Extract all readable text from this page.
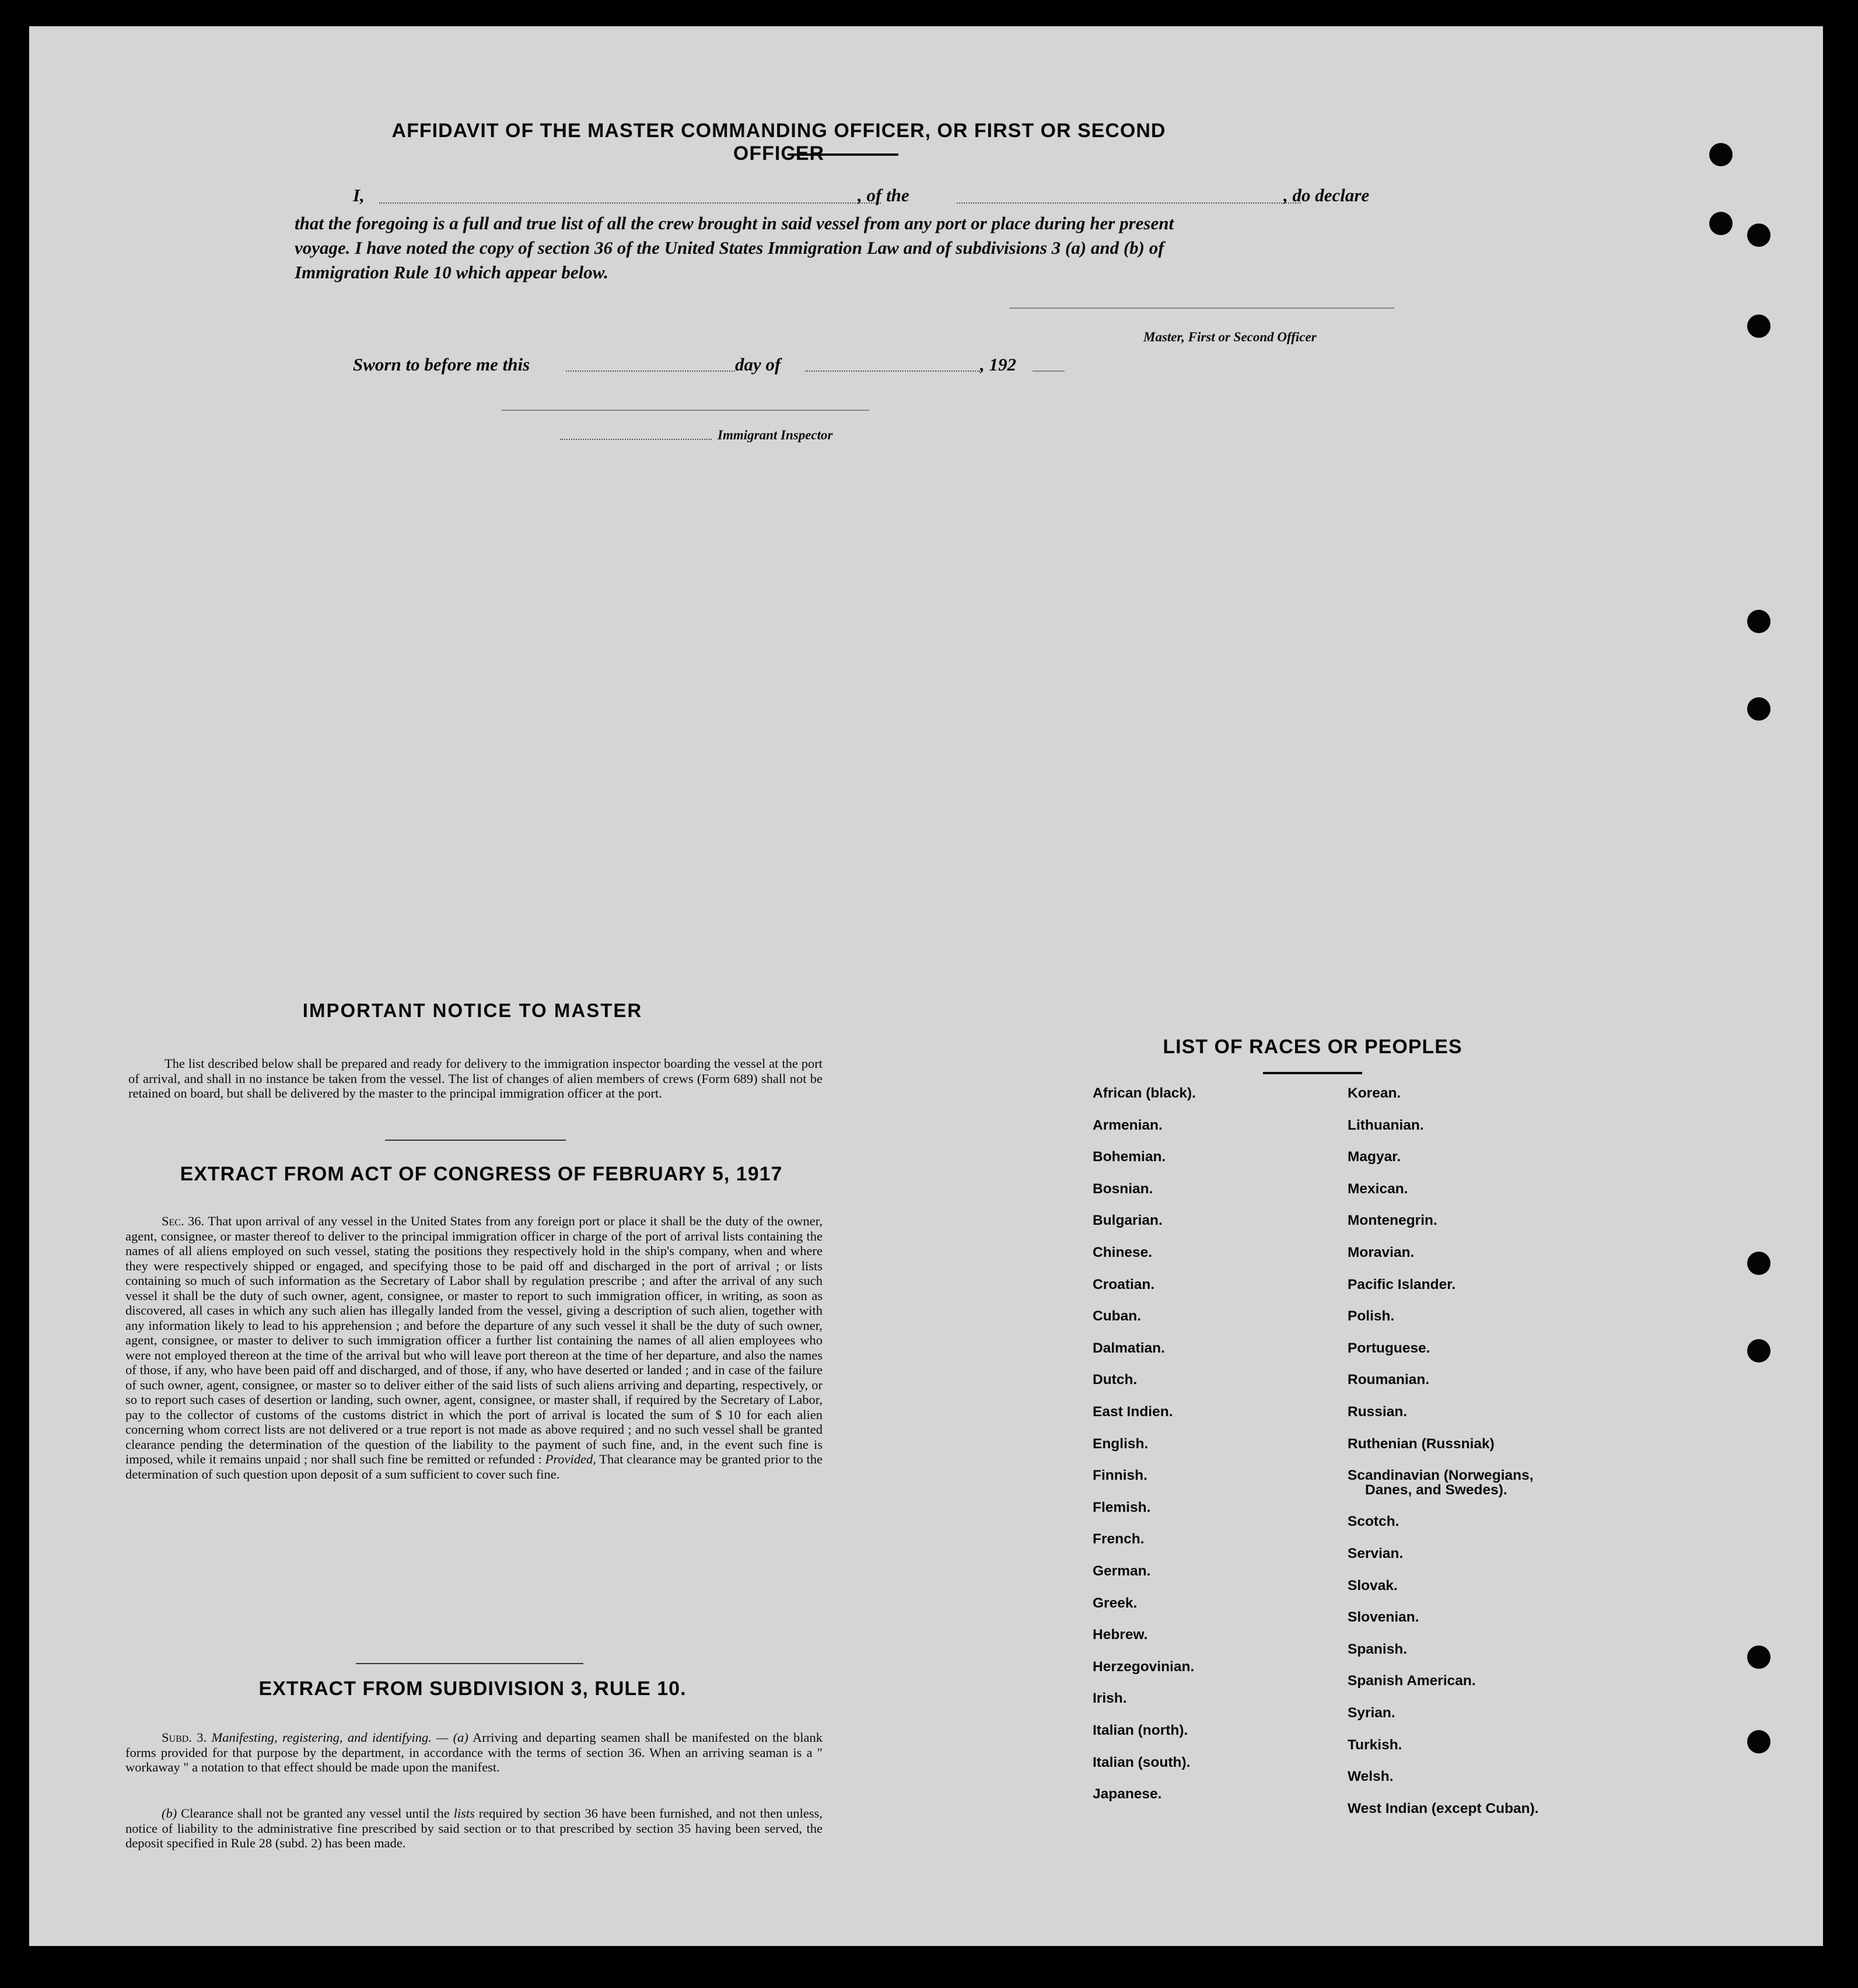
AFFIDAVIT OF THE MASTER COMMANDING OFFICER, OR FIRST OR SECOND OFFICER
I,	, of the	, do declare
that the foregoing is a full and true list of all the crew brought in said vessel from any port or place during her present
voyage. I have noted the copy of section 36 of the United States Immigration Law and of subdivisions 3 (a) and (b) of
Immigration Rule 10 which appear below.
Master, First or Second Officer
Sworn to before me this	day of	, 192
Immigrant Inspector
IMPORTANT NOTICE TO MASTER
The list described below shall be prepared and ready for delivery to the immigration inspector boarding the vessel at the port of arrival, and shall in no instance be taken from the vessel. The list of changes of alien members of crews (Form 689) shall not be retained on board, but shall be delivered by the master to the principal immigration officer at the port.
EXTRACT FROM ACT OF CONGRESS OF FEBRUARY 5, 1917
Sec. 36. That upon arrival of any vessel in the United States from any foreign port or place it shall be the duty of the owner, agent, consignee, or master thereof to deliver to the principal immigration officer in charge of the port of arrival lists containing the names of all aliens employed on such vessel, stating the positions they respectively hold in the ship's company, when and where they were respectively shipped or engaged, and specifying those to be paid off and discharged in the port of arrival ; or lists containing so much of such information as the Secretary of Labor shall by regulation prescribe ; and after the arrival of any such vessel it shall be the duty of such owner, agent, consignee, or master to report to such immigration officer, in writing, as soon as discovered, all cases in which any such alien has illegally landed from the vessel, giving a description of such alien, together with any information likely to lead to his apprehension ; and before the departure of any such vessel it shall be the duty of such owner, agent, consignee, or master to deliver to such immigration officer a further list containing the names of all alien employees who were not employed thereon at the time of the arrival but who will leave port thereon at the time of her departure, and also the names of those, if any, who have been paid off and discharged, and of those, if any, who have deserted or landed ; and in case of the failure of such owner, agent, consignee, or master so to deliver either of the said lists of such aliens arriving and departing, respectively, or so to report such cases of desertion or landing, such owner, agent, consignee, or master shall, if required by the Secretary of Labor, pay to the collector of customs of the customs district in which the port of arrival is located the sum of $ 10 for each alien concerning whom correct lists are not delivered or a true report is not made as above required ; and no such vessel shall be granted clearance pending the determination of the question of the liability to the payment of such fine, and, in the event such fine is imposed, while it remains unpaid ; nor shall such fine be remitted or refunded : Provided, That clearance may be granted prior to the determination of such question upon deposit of a sum sufficient to cover such fine.
EXTRACT FROM SUBDIVISION 3, RULE 10.
Subd. 3. Manifesting, registering, and identifying. — (a) Arriving and departing seamen shall be manifested on the blank forms provided for that purpose by the department, in accordance with the terms of section 36. When an arriving seaman is a " workaway " a notation to that effect should be made upon the manifest.
(b) Clearance shall not be granted any vessel until the lists required by section 36 have been furnished, and not then unless, notice of liability to the administrative fine prescribed by said section or to that prescribed by section 35 having been served, the deposit specified in Rule 28 (subd. 2) has been made.
LIST OF RACES OR PEOPLES
African (black).
Armenian.
Bohemian.
Bosnian.
Bulgarian.
Chinese.
Croatian.
Cuban.
Dalmatian.
Dutch.
East Indien.
English.
Finnish.
Flemish.
French.
German.
Greek.
Hebrew.
Herzegovinian.
Irish.
Italian (north).
Italian (south).
Japanese.
Korean.
Lithuanian.
Magyar.
Mexican.
Montenegrin.
Moravian.
Pacific Islander.
Polish.
Portuguese.
Roumanian.
Russian.
Ruthenian (Russniak)
Scandinavian (Norwegians,
Danes, and Swedes).
Scotch.
Servian.
Slovak.
Slovenian.
Spanish.
Spanish American.
Syrian.
Turkish.
Welsh.
West Indian (except Cuban).
